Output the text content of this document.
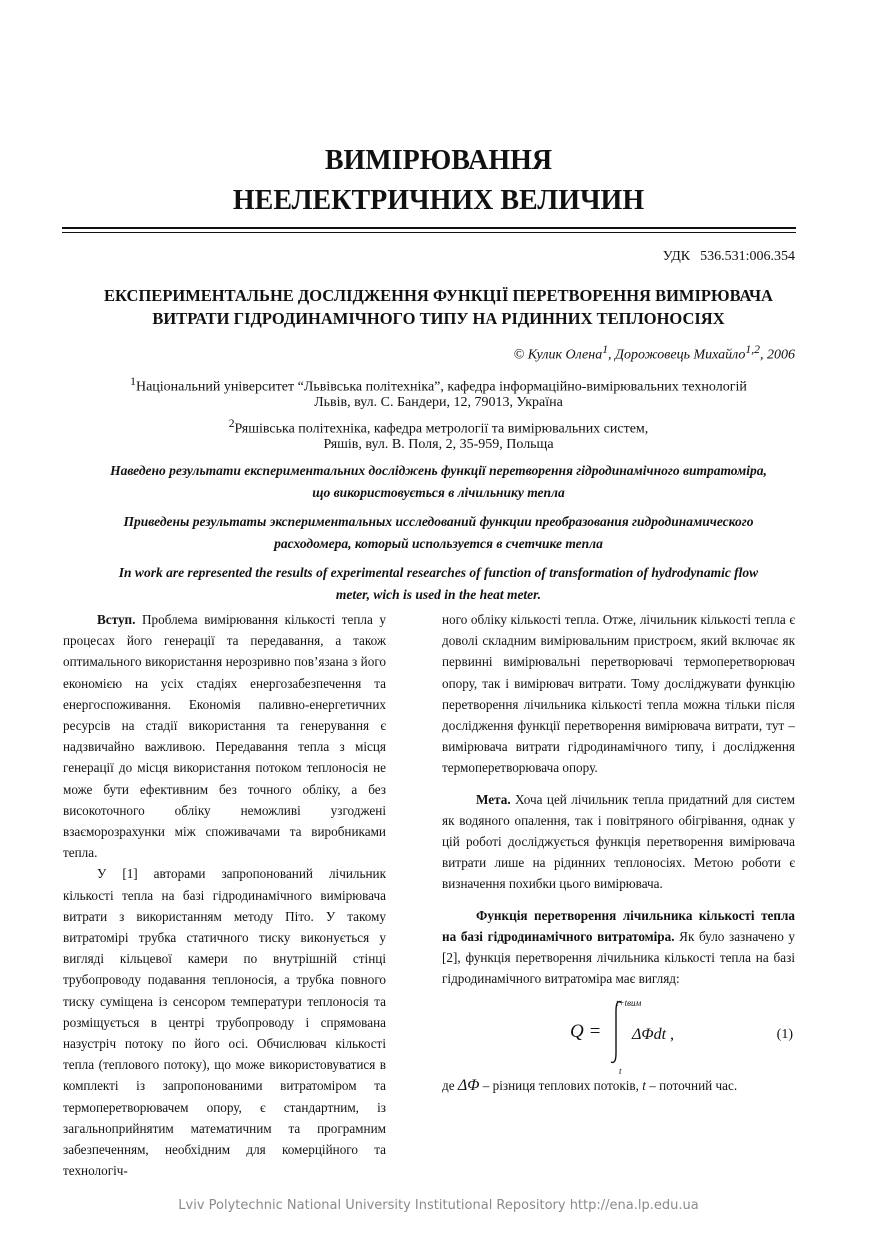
ВИМІРЮВАННЯ
НЕЕЛЕКТРИЧНИХ ВЕЛИЧИН
УДК 536.531:006.354
ЕКСПЕРИМЕНТАЛЬНЕ ДОСЛІДЖЕННЯ ФУНКЦІЇ ПЕРЕТВОРЕННЯ ВИМІРЮВАЧА
ВИТРАТИ ГІДРОДИНАМІЧНОГО ТИПУ НА РІДИННИХ ТЕПЛОНОСІЯХ
© Кулик Олена$^1$, Дорожовець Михайло$^{1,2}$, 2006
$^1$Національний університет “Львівська політехніка”, кафедра інформаційно-вимірювальних технологій
Львів, вул. С. Бандери, 12, 79013, Україна
$^2$Ряшівська політехніка, кафедра метрології та вимірювальних систем,
Ряшів, вул. В. Поля, 2, 35-959, Польща
Наведено результати експериментальних досліджень функції перетворення гідродинамічного витратоміра,
що використовується в лічильнику тепла
Приведены результаты экспериментальных исследований функции преобразования гидродинамического
расходомера, который используется в счетчике тепла
In work are represented the results of experimental researches of function of transformation of hydrodynamic flow
meter, wich is used in the heat meter.

Вступ. Проблема вимірювання кількості тепла у процесах його генерації та передавання, а також оптимального використання нерозривно пов’язана з його економією на усіх стадіях енергозабезпечення та енергоспоживання. Економія паливно-енергетичних ресурсів на стадії використання та генерування є надзвичайно важливою. Передавання тепла з місця генерації до місця використання потоком теплоносія не може бути ефективним без точного обліку, а без високоточного обліку неможливі узгоджені взаєморозрахунки між споживачами та виробниками тепла.

У [1] авторами запропонований лічильник кількості тепла на базі гідродинамічного вимірювача витрати з використанням методу Піто. У такому витратомірі трубка статичного тиску виконується у вигляді кільцевої камери по внутрішній стінці трубопроводу подавання теплоносія, а трубка повного тиску суміщена із сенсором температури теплоносія та розміщується в центрі трубопроводу і спрямована назустріч потоку по його осі. Обчислювач кількості тепла (теплового потоку), що може використовуватися в комплекті із запропонованими витратоміром та термоперетворювачем опору, є стандартним, із загальноприйнятим математичним та програмним забезпеченням, необхідним для комерційного та технологіч-

ного обліку кількості тепла. Отже, лічильник кількості тепла є доволі складним вимірювальним пристроєм, який включає як первинні вимірювальні перетворювачі термоперетворювач опору, так і вимірювач витрати. Тому досліджувати функцію перетворення лічильника кількості тепла можна тільки після дослідження функції перетворення вимірювача витрати, тут – вимірювача витрати гідродинамічного типу, і дослідження термоперетворювача опору.

Мета. Хоча цей лічильник тепла придатний для систем як водяного опалення, так і повітряного обігрівання, однак у цій роботі досліджується функція перетворення вимірювача витрати лише на рідинних теплоносіях. Метою роботи є визначення похибки цього вимірювача.

Функція перетворення лічильника кількості тепла на базі гідродинамічного витратоміра. Як було зазначено у [2], функція перетворення лічильника кількості тепла на базі гідродинамічного витратоміра має вигляд:

Q =
t+tвим
t
ΔΦdt ,	(1)

де ΔΦ – різниця теплових потоків, t – поточний час.

Lviv Polytechnic National University Institutional Repository http://ena.lp.edu.ua
